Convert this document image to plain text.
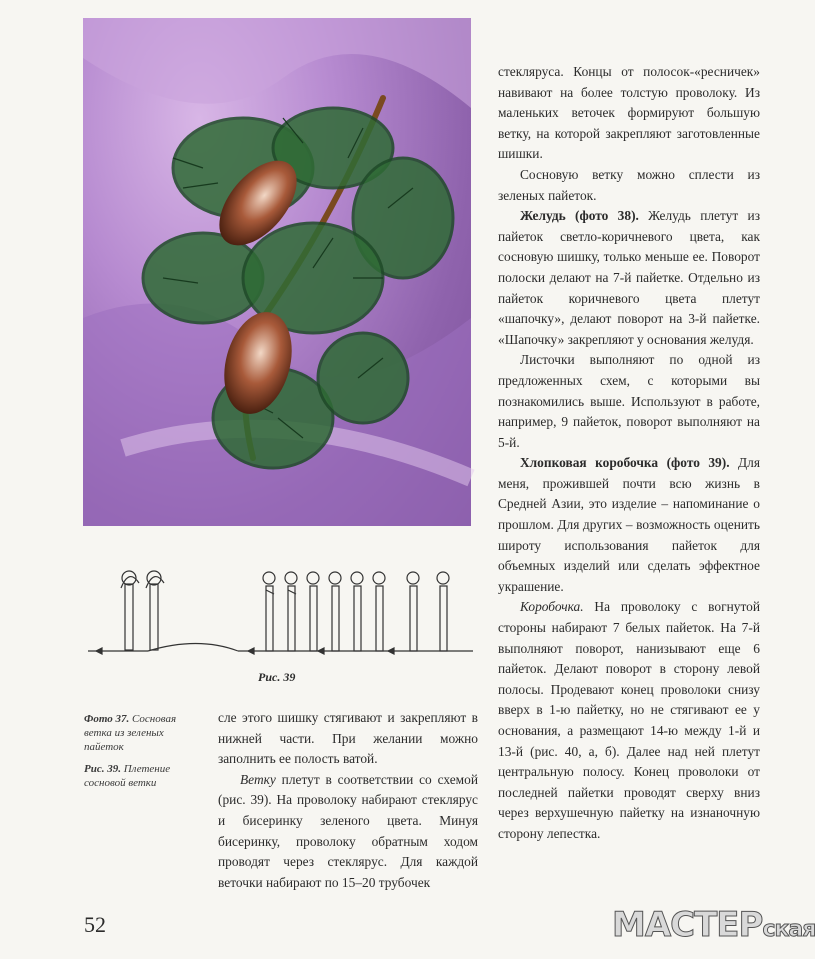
стекляруса. Концы от полосок-«ресничек» навивают на более толстую проволоку. Из маленьких веточек формируют большую ветку, на которой закрепляют заготовленные шишки.

Сосновую ветку можно сплести из зеленых пайеток.

Желудь (фото 38). Желудь плетут из пайеток светло-коричневого цвета, как сосновую шишку, только меньше ее. Поворот полоски делают на 7-й пайетке. Отдельно из пайеток коричневого цвета плетут «шапочку», делают поворот на 3-й пайетке. «Шапочку» закрепляют у основания желудя.

Листочки выполняют по одной из предложенных схем, с которыми вы познакомились выше. Используют в работе, например, 9 пайеток, поворот выполняют на 5-й.

Хлопковая коробочка (фото 39). Для меня, прожившей почти всю жизнь в Средней Азии, это изделие – напоминание о прошлом. Для других – возможность оценить широту использования пайеток для объемных изделий или сделать эффектное украшение.

Коробочка. На проволоку с вогнутой стороны набирают 7 белых пайеток. На 7-й выполняют поворот, нанизывают еще 6 пайеток. Делают поворот в сторону левой полосы. Продевают конец проволоки снизу вверх в 1-ю пайетку, но не стягивают ее у основания, а размещают 14-ю между 1-й и 13-й (рис. 40, а, б). Далее над ней плетут центральную полосу. Конец проволоки от последней пайетки проводят сверху вниз через верхушечную пайетку на изнаночную сторону лепестка.

Рис. 39
Фото 37. Сосновая ветка из зеленых пайеток
Рис. 39. Плетение сосновой ветки

сле этого шишку стягивают и закрепляют в нижней части. При желании можно заполнить ее полость ватой.

Ветку плетут в соответствии со схемой (рис. 39). На проволоку набирают стеклярус и бисеринку зеленого цвета. Минуя бисеринку, проволоку обратным ходом проводят через стеклярус. Для каждой веточки набирают по 15–20 трубочек

52	МАСТЕРская
